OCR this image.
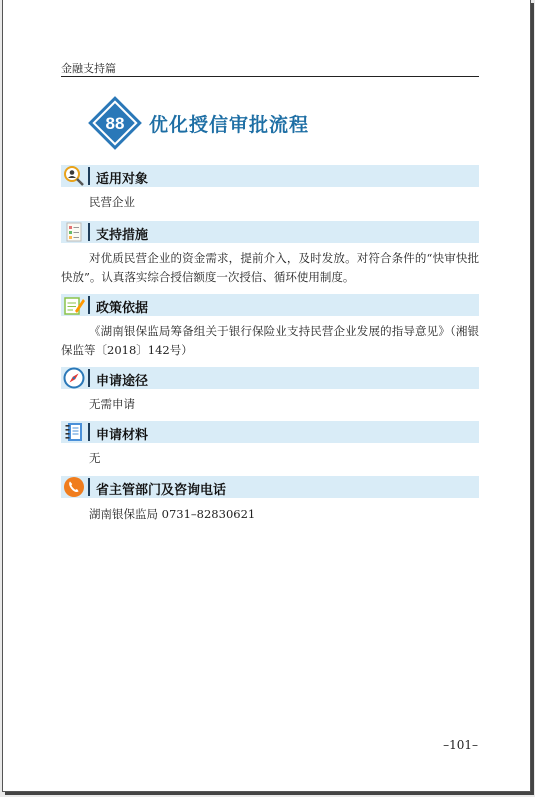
金融支持篇
88 优化授信审批流程
适用对象
民营企业
支持措施
对优质民营企业的资金需求，提前介入，及时发放。对符合条件的“快审快批快放”。认真落实综合授信额度一次授信、循环使用制度。
政策依据
《湖南银保监局筹备组关于银行保险业支持民营企业发展的指导意见》（湘银保监等〔2018〕142号）
申请途径
无需申请
申请材料
无
省主管部门及咨询电话
湖南银保监局 0731–82830621
–101–
